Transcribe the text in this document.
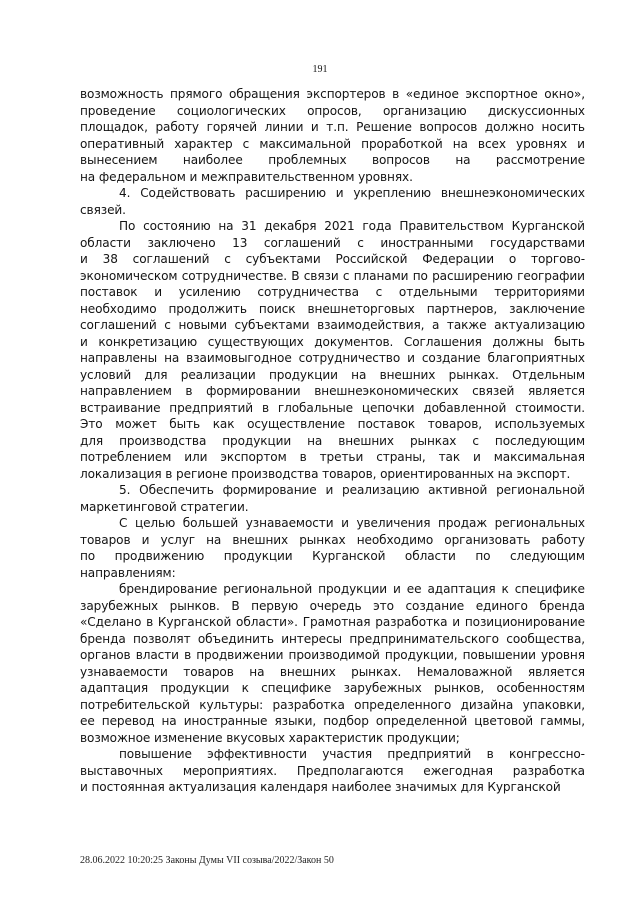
191
возможность прямого обращения экспортеров в «единое экспортное окно»,
проведение социологических опросов, организацию дискуссионных
площадок, работу горячей линии и т.п. Решение вопросов должно носить
оперативный характер с максимальной проработкой на всех уровнях и
вынесением наиболее проблемных вопросов на рассмотрение
на федеральном и межправительственном уровнях.
4. Содействовать расширению и укреплению внешнеэкономических
связей.
По состоянию на 31 декабря 2021 года Правительством Курганской
области заключено 13 соглашений с иностранными государствами
и 38 соглашений с субъектами Российской Федерации о торгово-
экономическом сотрудничестве. В связи с планами по расширению географии
поставок и усилению сотрудничества с отдельными территориями
необходимо продолжить поиск внешнеторговых партнеров, заключение
соглашений с новыми субъектами взаимодействия, а также актуализацию
и конкретизацию существующих документов. Соглашения должны быть
направлены на взаимовыгодное сотрудничество и создание благоприятных
условий для реализации продукции на внешних рынках. Отдельным
направлением в формировании внешнеэкономических связей является
встраивание предприятий в глобальные цепочки добавленной стоимости.
Это может быть как осуществление поставок товаров, используемых
для производства продукции на внешних рынках с последующим
потреблением или экспортом в третьи страны, так и максимальная
локализация в регионе производства товаров, ориентированных на экспорт.
5. Обеспечить формирование и реализацию активной региональной
маркетинговой стратегии.
С целью большей узнаваемости и увеличения продаж региональных
товаров и услуг на внешних рынках необходимо организовать работу
по продвижению продукции Курганской области по следующим
направлениям:
брендирование региональной продукции и ее адаптация к специфике
зарубежных рынков. В первую очередь это создание единого бренда
«Сделано в Курганской области». Грамотная разработка и позиционирование
бренда позволят объединить интересы предпринимательского сообщества,
органов власти в продвижении производимой продукции, повышении уровня
узнаваемости товаров на внешних рынках. Немаловажной является
адаптация продукции к специфике зарубежных рынков, особенностям
потребительской культуры: разработка определенного дизайна упаковки,
ее перевод на иностранные языки, подбор определенной цветовой гаммы,
возможное изменение вкусовых характеристик продукции;
повышение эффективности участия предприятий в конгрессно-
выставочных мероприятиях. Предполагаются ежегодная разработка
и постоянная актуализация календаря наиболее значимых для Курганской
28.06.2022 10:20:25 Законы Думы VII созыва/2022/Закон 50
